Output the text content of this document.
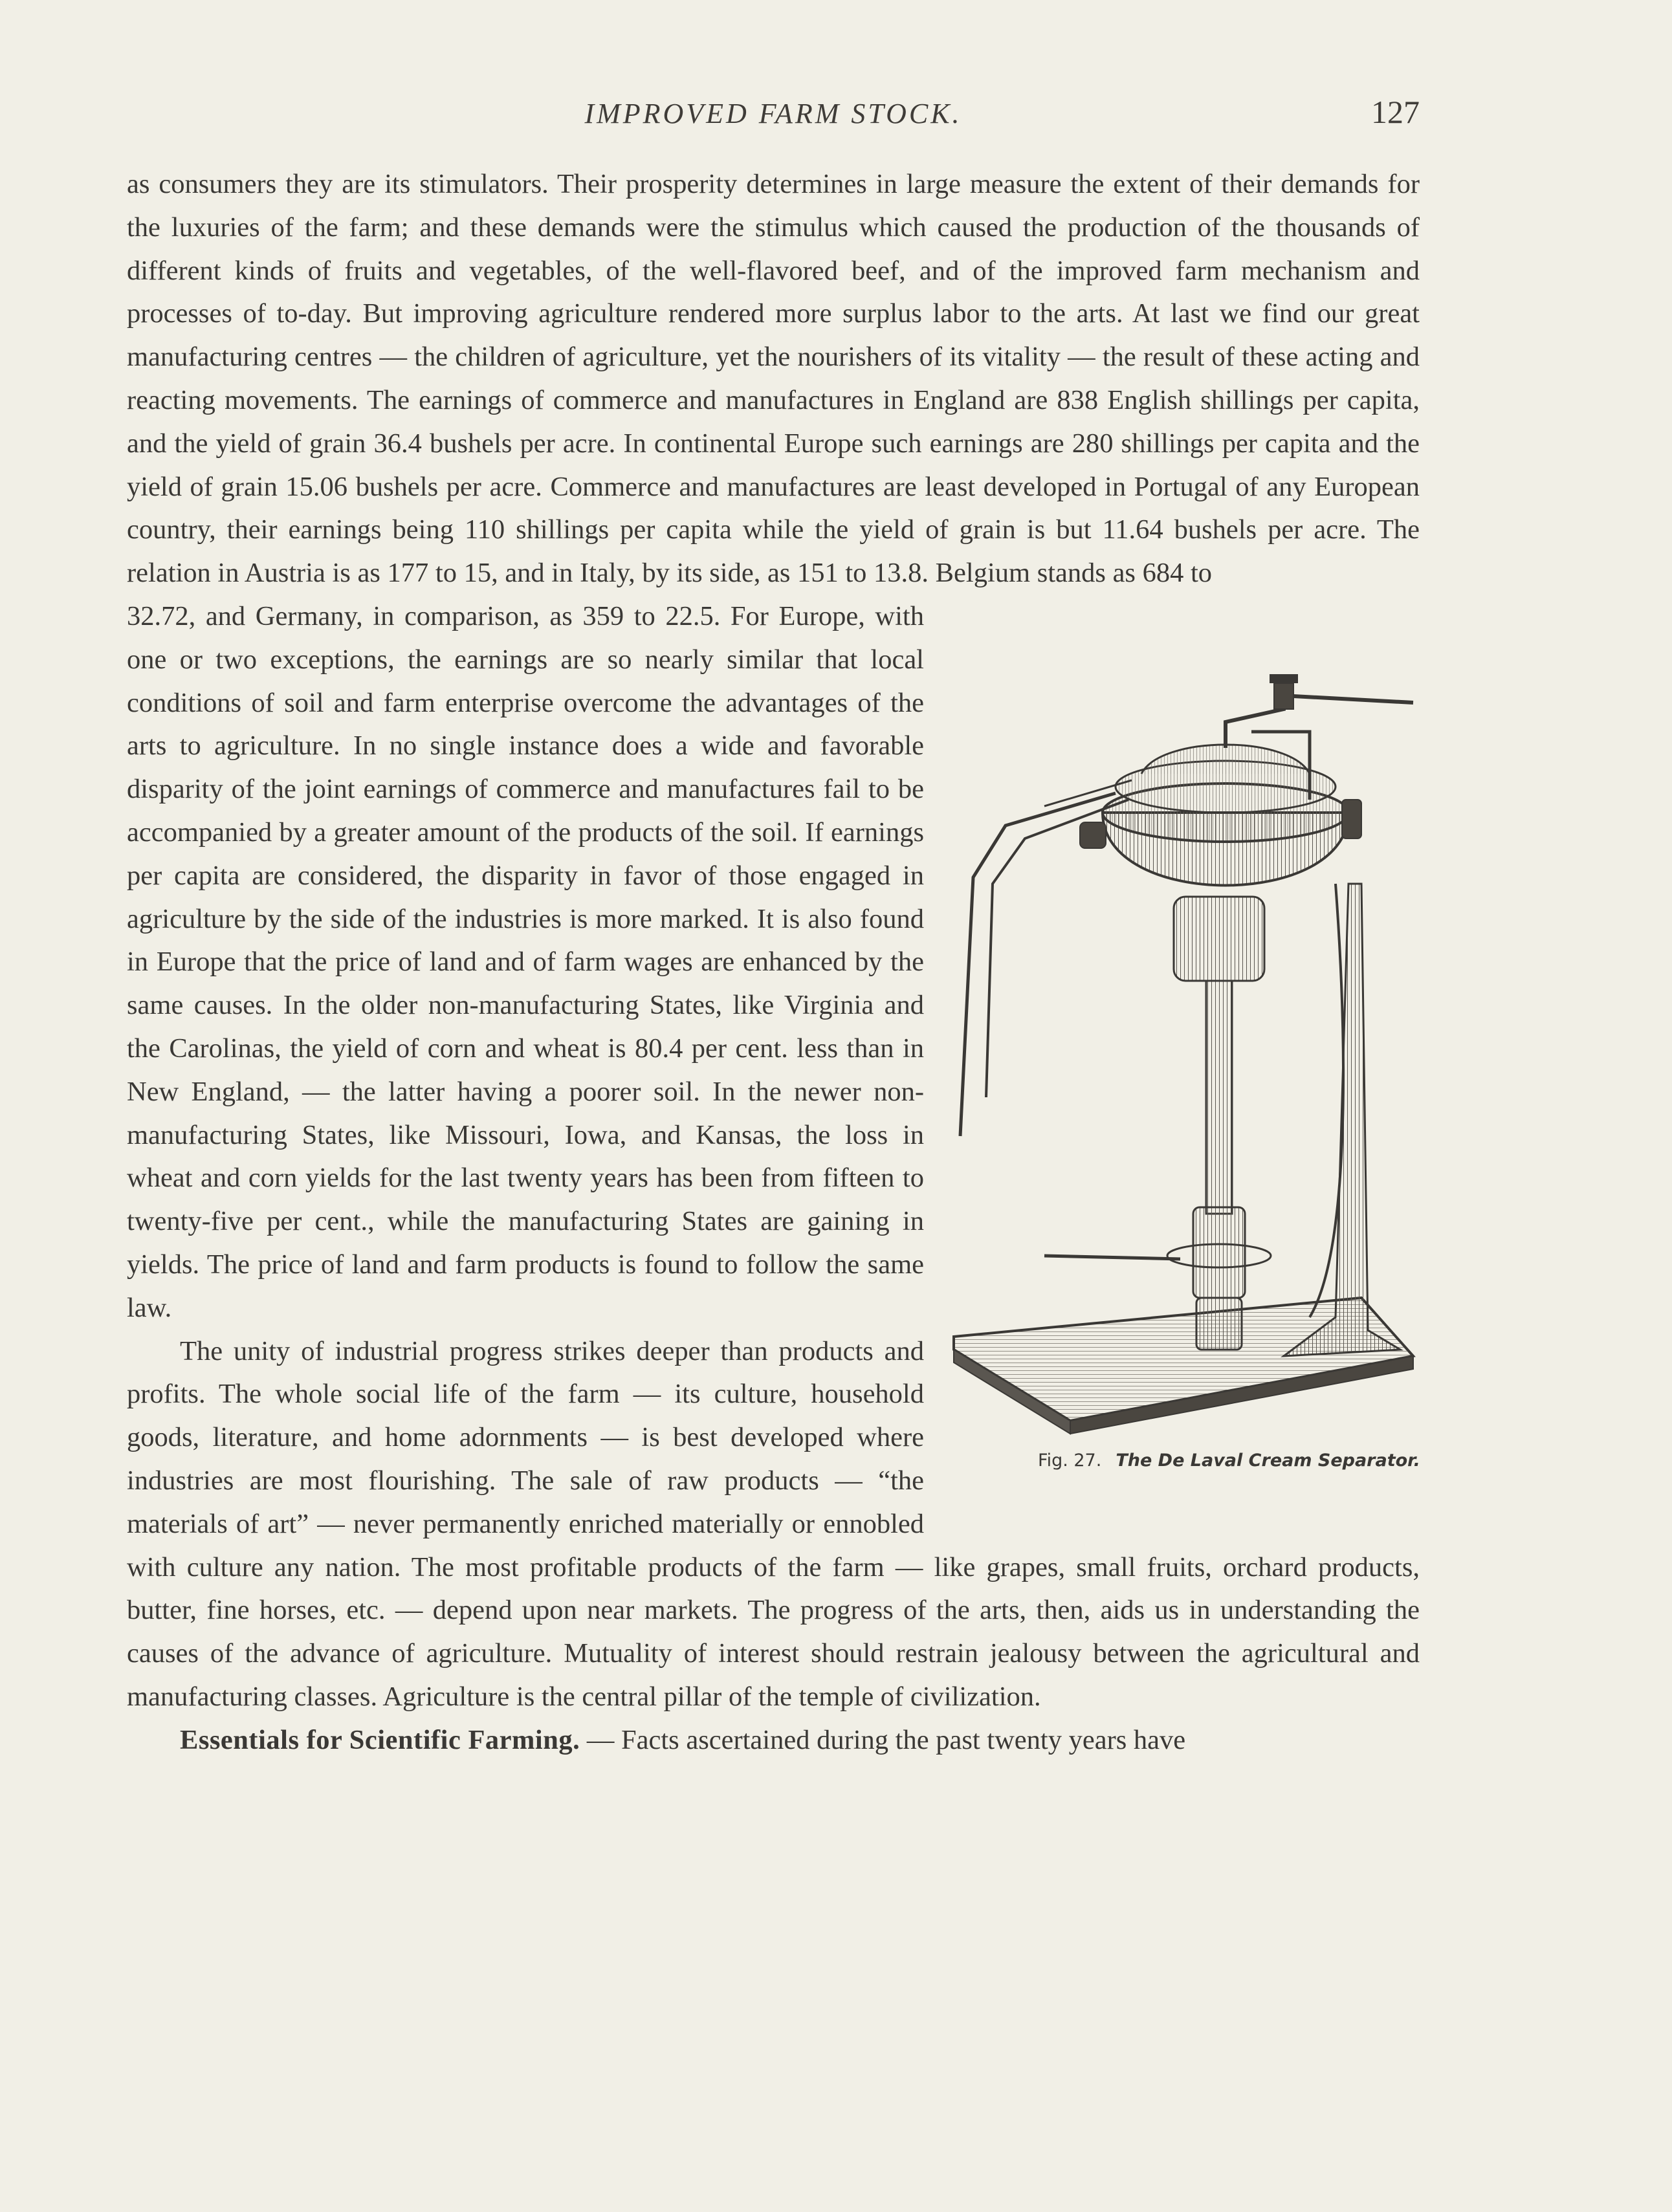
IMPROVED FARM STOCK.	127

as consumers they are its stimulators. Their prosperity determines in large measure the extent of their demands for the luxuries of the farm; and these demands were the stimulus which caused the production of the thousands of different kinds of fruits and vegetables, of the well-flavored beef, and of the improved farm mechanism and processes of to-day. But improving agriculture rendered more surplus labor to the arts. At last we find our great manufacturing centres — the children of agriculture, yet the nourishers of its vitality — the result of these acting and reacting movements. The earnings of commerce and manufactures in England are 838 English shillings per capita, and the yield of grain 36.4 bushels per acre. In continental Europe such earnings are 280 shillings per capita and the yield of grain 15.06 bushels per acre. Commerce and manufactures are least developed in Portugal of any European country, their earnings being 110 shillings per capita while the yield of grain is but 11.64 bushels per acre. The relation in Austria is as 177 to 15, and in Italy, by its side, as 151 to 13.8. Belgium stands as 684 to

Fig. 27. The De Laval Cream Separator.

32.72, and Germany, in comparison, as 359 to 22.5. For Europe, with one or two exceptions, the earnings are so nearly similar that local conditions of soil and farm enterprise overcome the advantages of the arts to agriculture. In no single instance does a wide and favorable disparity of the joint earnings of commerce and manufactures fail to be accompanied by a greater amount of the products of the soil. If earnings per capita are considered, the disparity in favor of those engaged in agriculture by the side of the industries is more marked. It is also found in Europe that the price of land and of farm wages are enhanced by the same causes. In the older non-manufacturing States, like Virginia and the Carolinas, the yield of corn and wheat is 80.4 per cent. less than in New England, — the latter having a poorer soil. In the newer non-manufacturing States, like Missouri, Iowa, and Kansas, the loss in wheat and corn yields for the last twenty years has been from fifteen to twenty-five per cent., while the manufacturing States are gaining in yields. The price of land and farm products is found to follow the same law.

The unity of industrial progress strikes deeper than products and profits. The whole social life of the farm — its culture, household goods, literature, and home adornments — is best developed where industries are most flourishing. The sale of raw products — “the materials of art” — never permanently enriched materially or ennobled with culture any nation. The most profitable products of the farm — like grapes, small fruits, orchard products, butter, fine horses, etc. — depend upon near markets. The progress of the arts, then, aids us in understanding the causes of the advance of agriculture. Mutuality of interest should restrain jealousy between the agricultural and manufacturing classes. Agriculture is the central pillar of the temple of civilization.

Essentials for Scientific Farming. — Facts ascertained during the past twenty years have
